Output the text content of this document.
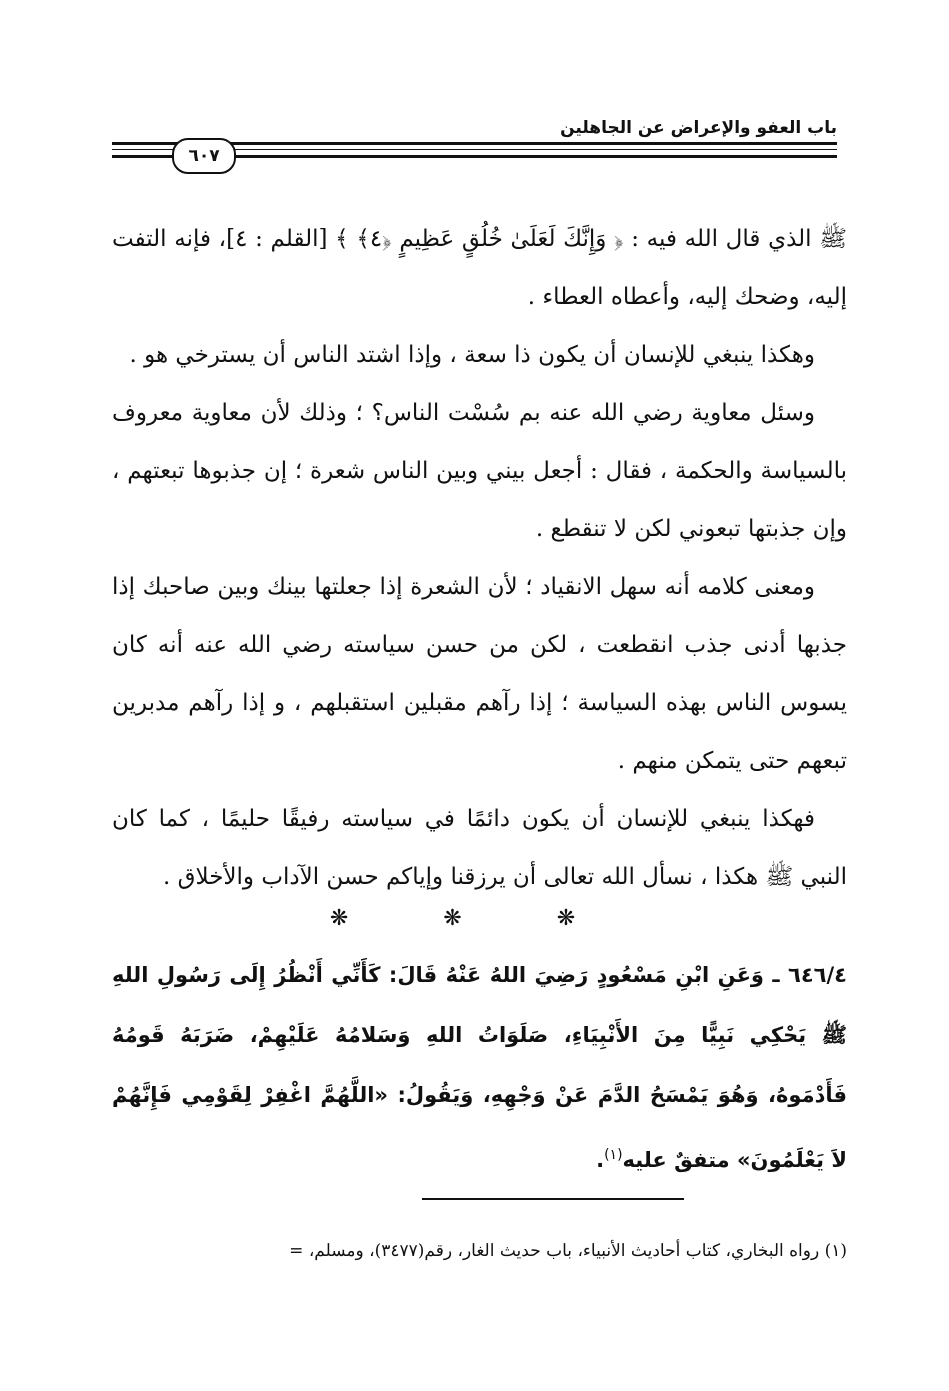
باب العفو والإعراض عن الجاهلين
٦٠٧

ﷺ الذي قال الله فيه : ﴿ وَإِنَّكَ لَعَلَىٰ خُلُقٍ عَظِيمٍ ﴿٤﴾ ﴾ [القلم : ٤]، فإنه التفت إليه، وضحك إليه، وأعطاه العطاء .

وهكذا ينبغي للإنسان أن يكون ذا سعة ، وإذا اشتد الناس أن يسترخي هو .

وسئل معاوية رضي الله عنه بم سُسْت الناس؟ ؛ وذلك لأن معاوية معروف بالسياسة والحكمة ، فقال : أجعل بيني وبين الناس شعرة ؛ إن جذبوها تبعتهم ، وإن جذبتها تبعوني لكن لا تنقطع .

ومعنى كلامه أنه سهل الانقياد ؛ لأن الشعرة إذا جعلتها بينك وبين صاحبك إذا جذبها أدنى جذب انقطعت ، لكن من حسن سياسته رضي الله عنه أنه كان يسوس الناس بهذه السياسة ؛ إذا رآهم مقبلين استقبلهم ، و إذا رآهم مدبرين تبعهم حتى يتمكن منهم .

فهكذا ينبغي للإنسان أن يكون دائمًا في سياسته رفيقًا حليمًا ، كما كان النبي ﷺ هكذا ، نسأل الله تعالى أن يرزقنا وإياكم حسن الآداب والأخلاق .

❋ ❋ ❋

٦٤٦/٤ ـ وَعَنِ ابْنِ مَسْعُودٍ رَضِيَ اللهُ عَنْهُ قَالَ: كَأَنِّي أَنْظُرُ إِلَى رَسُولِ اللهِ ﷺ يَحْكِي نَبِيًّا مِنَ الأَنْبِيَاءِ، صَلَوَاتُ اللهِ وَسَلامُهُ عَلَيْهِمْ، ضَرَبَهُ قَومُهُ فَأَدْمَوهُ، وَهُوَ يَمْسَحُ الدَّمَ عَنْ وَجْهِهِ، وَيَقُولُ: «اللَّهُمَّ اغْفِرْ لِقَوْمِي فَإِنَّهُمْ لاَ يَعْلَمُونَ» متفقٌ عليه$^{(١)}$.

(١) رواه البخاري، كتاب أحاديث الأنبياء، باب حديث الغار، رقم(٣٤٧٧)، ومسلم، =
